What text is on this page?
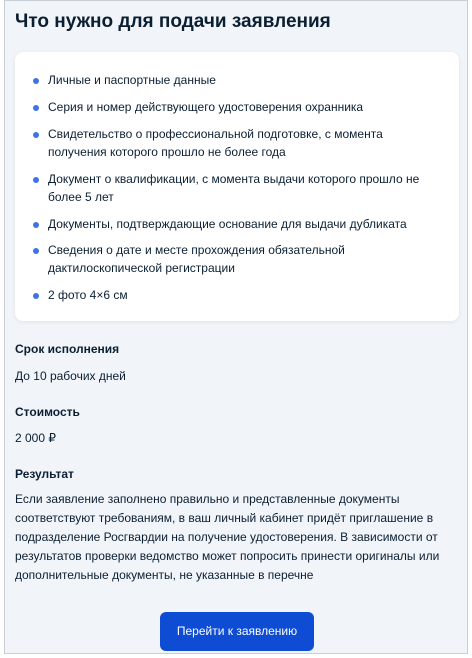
Что нужно для подачи заявления
Личные и паспортные данные
Серия и номер действующего удостоверения охранника
Свидетельство о профессиональной подготовке, с момента получения которого прошло не более года
Документ о квалификации, с момента выдачи которого прошло не более 5 лет
Документы, подтверждающие основание для выдачи дубликата
Сведения о дате и месте прохождения обязательной дактилоскопической регистрации
2 фото 4×6 см
Срок исполнения
До 10 рабочих дней
Стоимость
2 000 ₽
Результат
Если заявление заполнено правильно и представленные документы соответствуют требованиям, в ваш личный кабинет придёт приглашение в подразделение Росгвардии на получение удостоверения. В зависимости от результатов проверки ведомство может попросить принести оригиналы или дополнительные документы, не указанные в перечне
Перейти к заявлению
